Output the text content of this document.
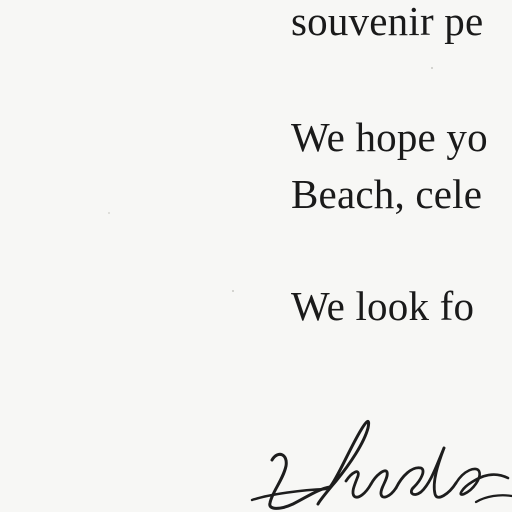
souvenir pe

We hope yo

Beach, cele

We look fo
